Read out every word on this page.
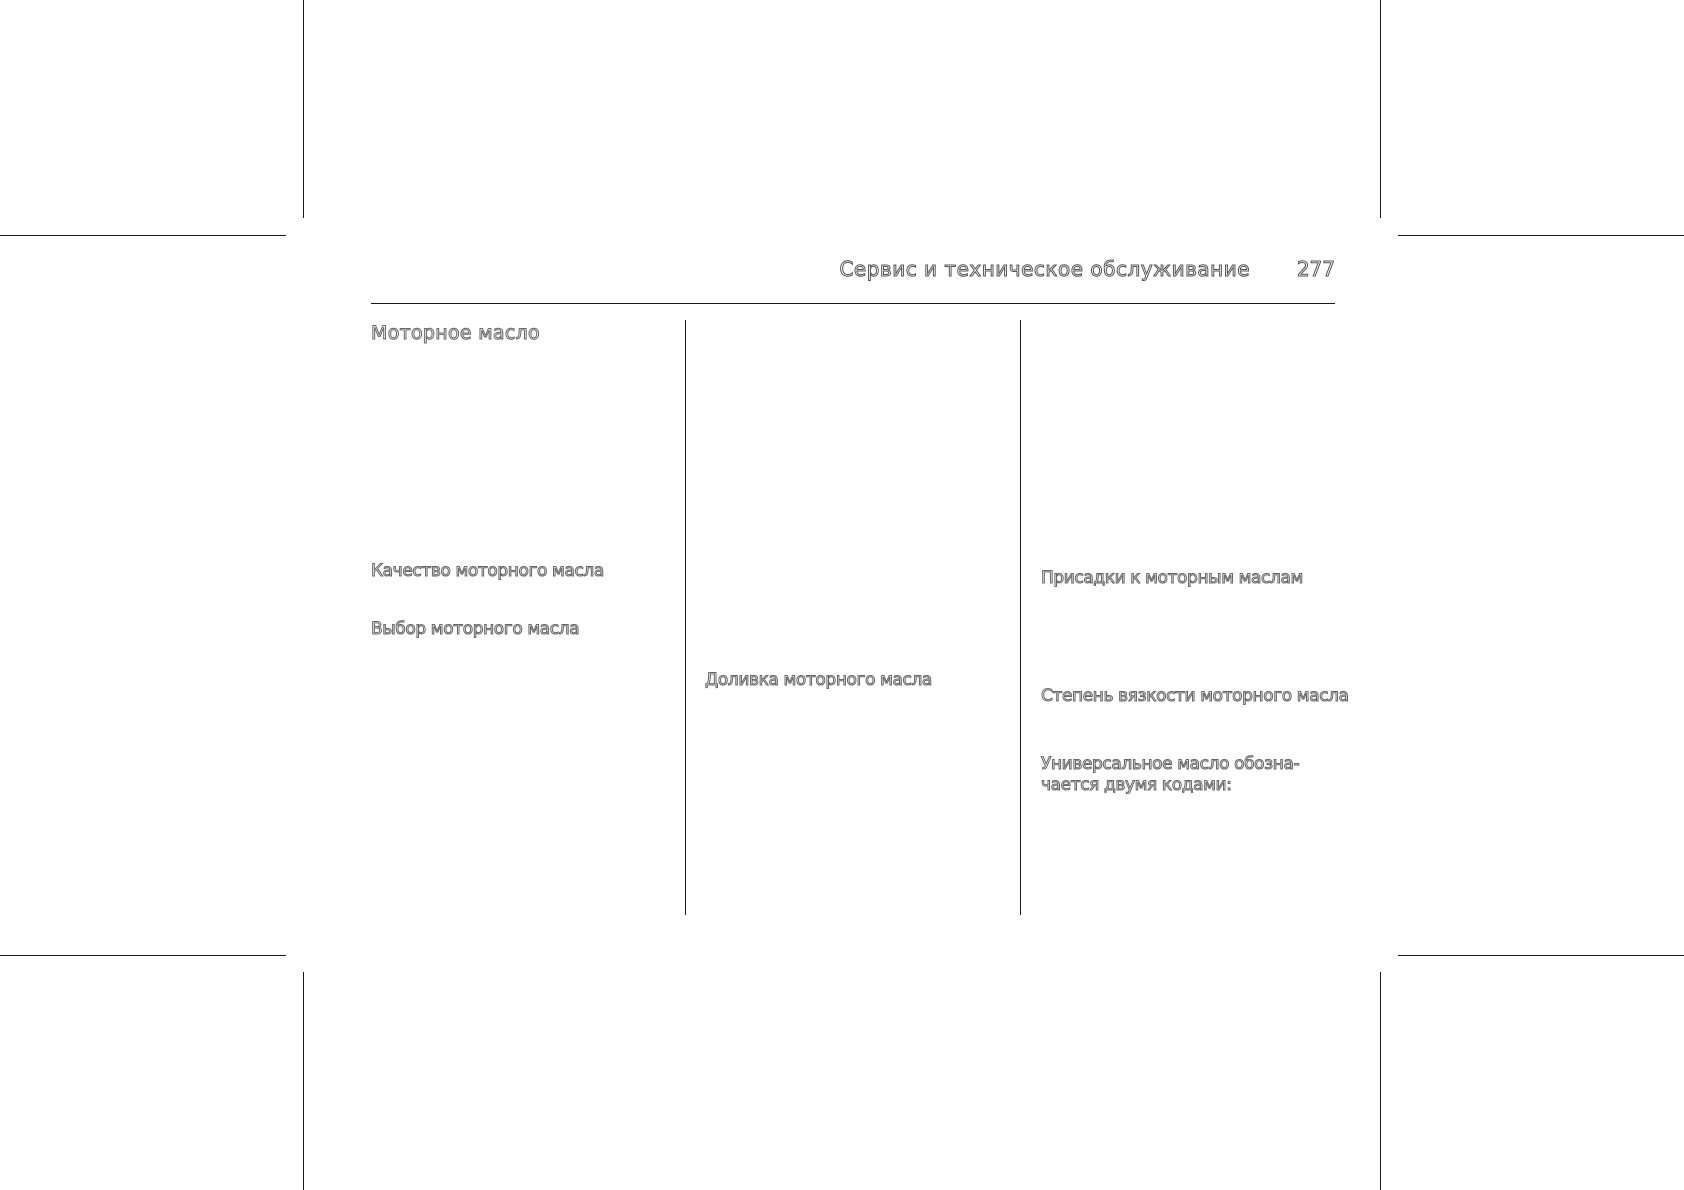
Сервис и техническое обслуживание 277
Моторное масло
Качество моторного масла
Выбор моторного масла
Доливка моторного масла
Присадки к моторным маслам
Степень вязкости моторного масла
Универсальное масло обозна-
чается двумя кодами:
